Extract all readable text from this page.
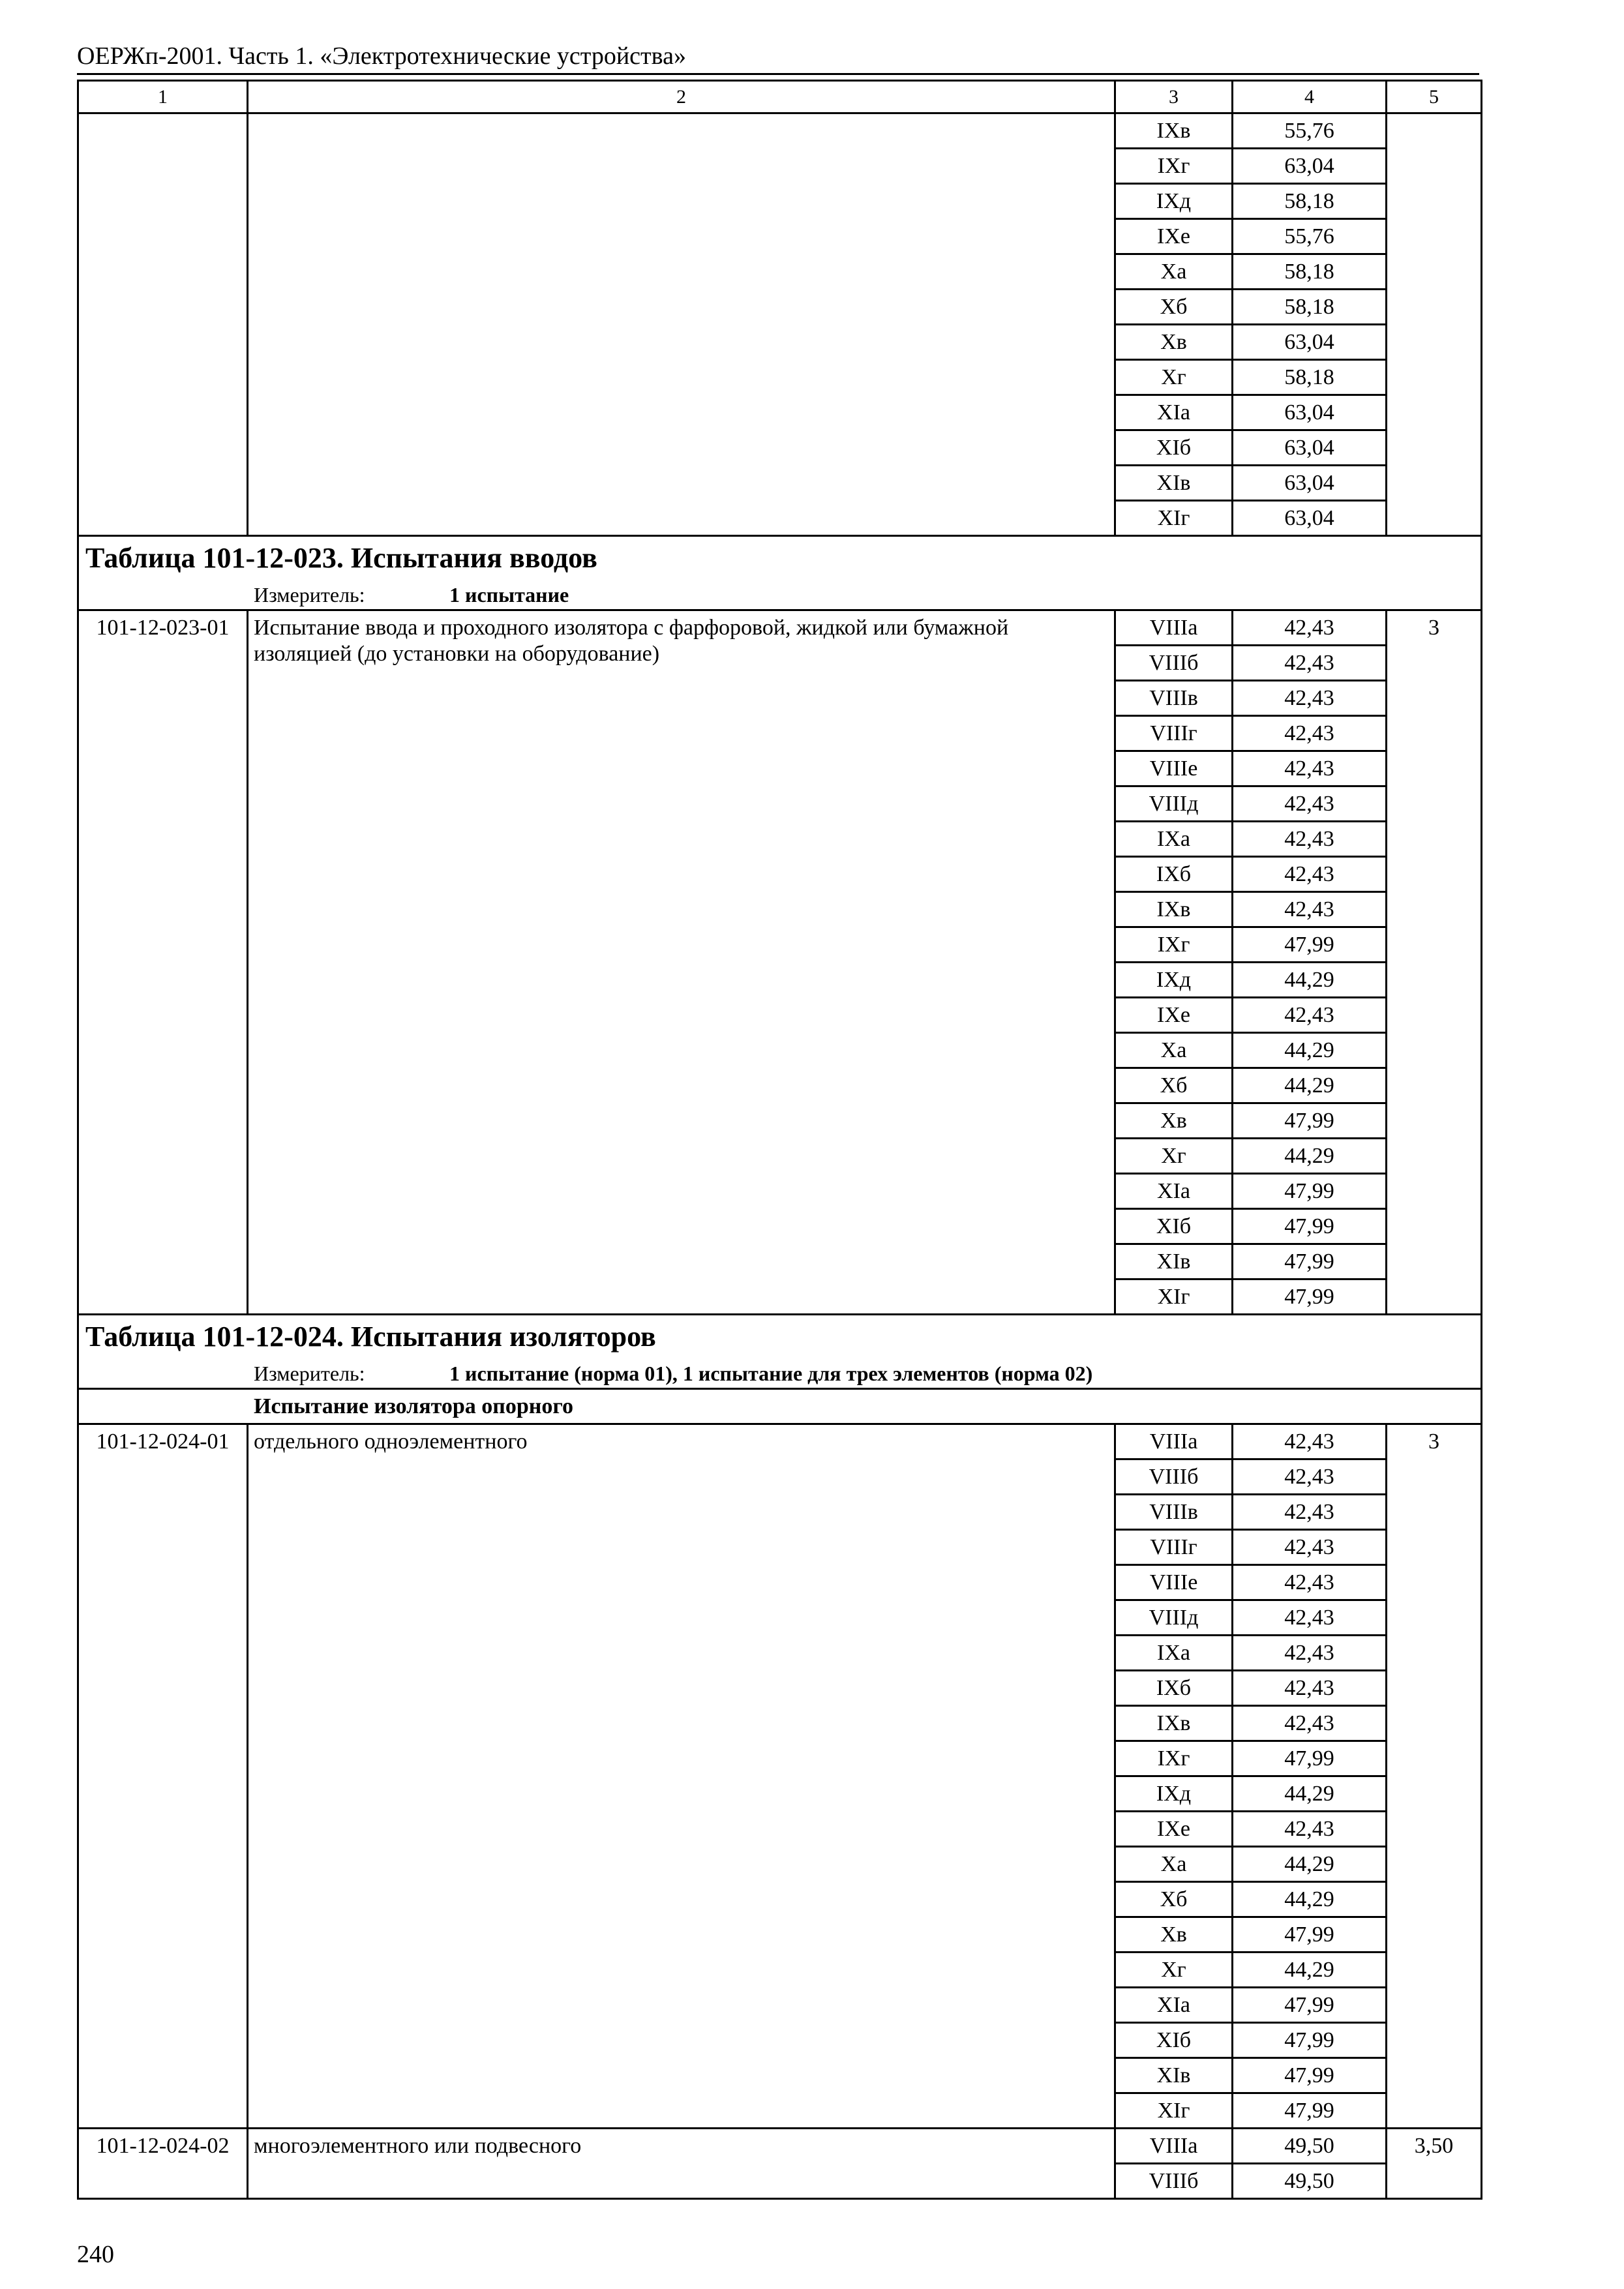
ОЕРЖп-2001. Часть 1. «Электротехнические устройства»
1	2	3	4	5
		IXв	55,76	
		IXг	63,04	
		IXд	58,18	
		IXе	55,76	
		Xа	58,18	
		Xб	58,18	
		Xв	63,04	
		Xг	58,18	
		XIа	63,04	
		XIб	63,04	
		XIв	63,04	
		XIг	63,04	
Таблица 101-12-023. Испытания вводов				
Измеритель: 1 испытание				
101-12-023-01	Испытание ввода и проходного изолятора с фарфоровой, жидкой или бумажной изоляцией (до установки на оборудование)	VIIIа	42,43	3
		VIIIб	42,43	
		VIIIв	42,43	
		VIIIг	42,43	
		VIIIе	42,43	
		VIIIд	42,43	
		IXа	42,43	
		IXб	42,43	
		IXв	42,43	
		IXг	47,99	
		IXд	44,29	
		IXе	42,43	
		Xа	44,29	
		Xб	44,29	
		Xв	47,99	
		Xг	44,29	
		XIа	47,99	
		XIб	47,99	
		XIв	47,99	
		XIг	47,99	
Таблица 101-12-024. Испытания изоляторов				
Измеритель: 1 испытание (норма 01), 1 испытание для трех элементов (норма 02)				
Испытание изолятора опорного				
101-12-024-01	отдельного одноэлементного	VIIIа	42,43	3
		VIIIб	42,43	
		VIIIв	42,43	
		VIIIг	42,43	
		VIIIе	42,43	
		VIIIд	42,43	
		IXа	42,43	
		IXб	42,43	
		IXв	42,43	
		IXг	47,99	
		IXд	44,29	
		IXе	42,43	
		Xа	44,29	
		Xб	44,29	
		Xв	47,99	
		Xг	44,29	
		XIа	47,99	
		XIб	47,99	
		XIв	47,99	
		XIг	47,99	
101-12-024-02	многоэлементного или подвесного	VIIIа	49,50	3,50
		VIIIб	49,50	
240
